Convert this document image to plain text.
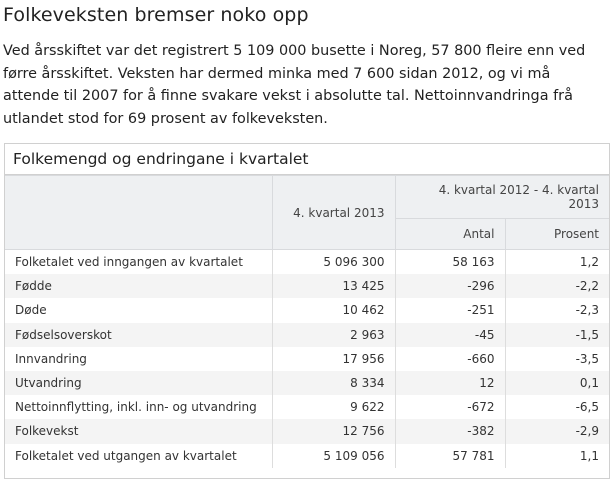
Folkeveksten bremser noko opp

Ved årsskiftet var det registrert 5 109 000 busette i Noreg, 57 800 fleire enn ved førre årsskiftet. Veksten har dermed minka med 7 600 sidan 2012, og vi må attende til 2007 for å finne svakare vekst i absolutte tal. Nettoinnvandringa frå utlandet stod for 69 prosent av folkeveksten.

Folkemengd og endringane i kvartalet
	4. kvartal 2013	4. kvartal 2012 - 4. kvartal 2013	
		Antal	Prosent
Folketalet ved inngangen av kvartalet	5 096 300	58 163	1,2
Fødde	13 425	-296	-2,2
Døde	10 462	-251	-2,3
Fødselsoverskot	2 963	-45	-1,5
Innvandring	17 956	-660	-3,5
Utvandring	8 334	12	0,1
Nettoinnflytting, inkl. inn- og utvandring	9 622	-672	-6,5
Folkevekst	12 756	-382	-2,9
Folketalet ved utgangen av kvartalet	5 109 056	57 781	1,1
